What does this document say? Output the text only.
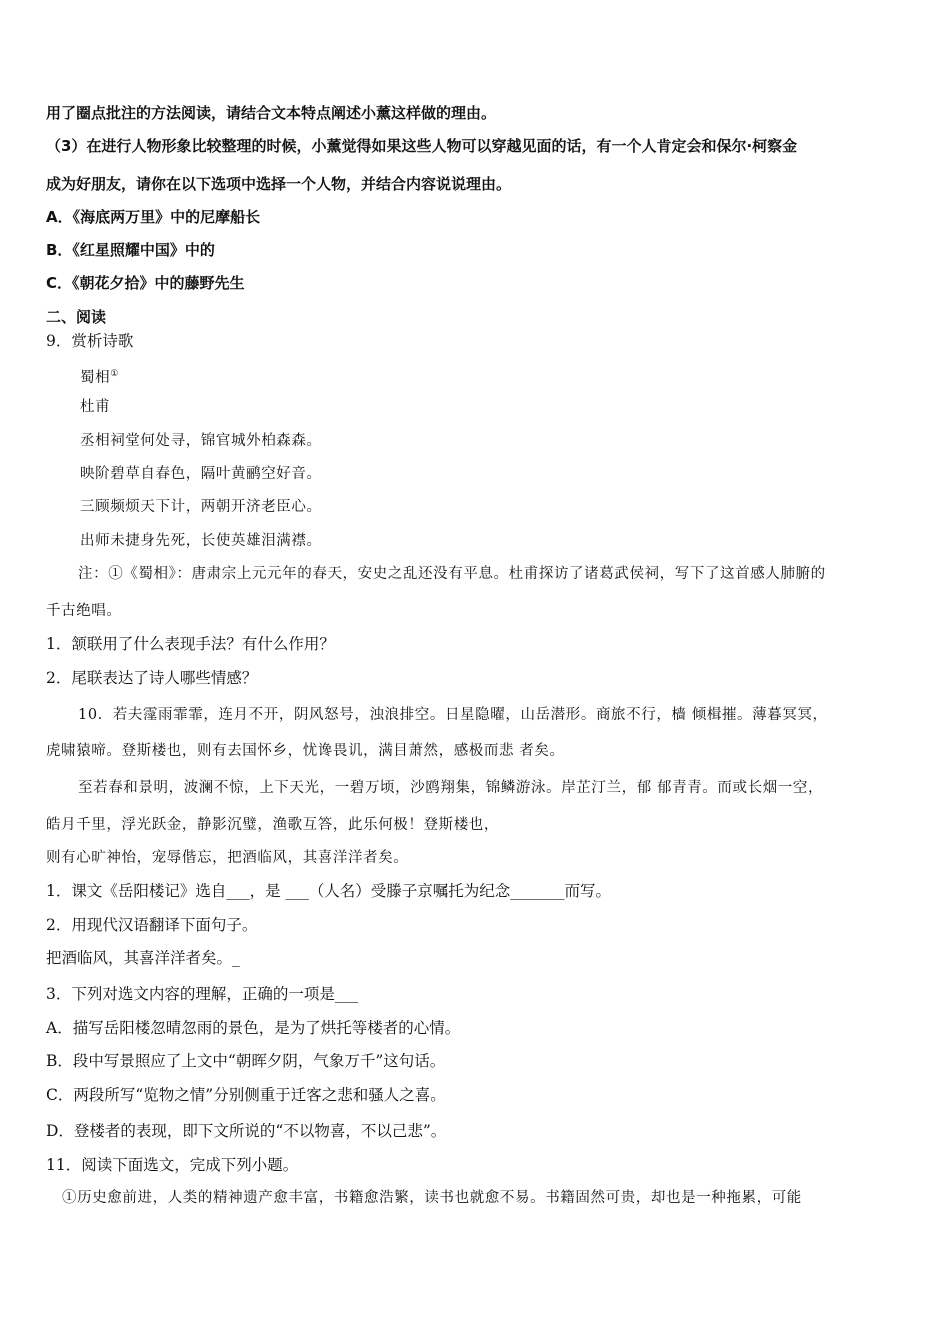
用了圈点批注的方法阅读，请结合文本特点阐述小薰这样做的理由。
（3）在进行人物形象比较整理的时候，小薰觉得如果这些人物可以穿越见面的话，有一个人肯定会和保尔·柯察金
成为好朋友，请你在以下选项中选择一个人物，并结合内容说说理由。
A．《海底两万里》中的尼摩船长
B．《红星照耀中国》中的
C．《朝花夕拾》中的藤野先生
二、阅读
9．赏析诗歌
蜀相①
杜甫
丞相祠堂何处寻，锦官城外柏森森。
映阶碧草自春色，隔叶黄鹂空好音。
三顾频烦天下计，两朝开济老臣心。
出师未捷身先死，长使英雄泪满襟。
注：①《蜀相》：唐肃宗上元元年的春天，安史之乱还没有平息。杜甫探访了诸葛武侯祠，写下了这首感人肺腑的
千古绝唱。
1．颔联用了什么表现手法？有什么作用？
2．尾联表达了诗人哪些情感？
10．若夫霪雨霏霏，连月不开，阴风怒号，浊浪排空。日星隐曜，山岳潜形。商旅不行，樯 倾楫摧。薄暮冥冥，
虎啸猿啼。登斯楼也，则有去国怀乡，忧谗畏讥，满目萧然，感极而悲 者矣。
至若春和景明，波澜不惊，上下天光，一碧万顷，沙鸥翔集，锦鳞游泳。岸芷汀兰，郁 郁青青。而或长烟一空，
皓月千里，浮光跃金，静影沉璧，渔歌互答，此乐何极！登斯楼也，
则有心旷神怡，宠辱偕忘，把酒临风，其喜洋洋者矣。
1．课文《岳阳楼记》选自___，是 ___（人名）受滕子京嘱托为纪念_______而写。
2．用现代汉语翻译下面句子。
把酒临风，其喜洋洋者矣。_
3．下列对选文内容的理解，正确的一项是___
A．描写岳阳楼忽晴忽雨的景色，是为了烘托等楼者的心情。
B．段中写景照应了上文中“朝晖夕阴，气象万千”这句话。
C．两段所写“览物之情”分别侧重于迁客之悲和骚人之喜。
D．登楼者的表现，即下文所说的“不以物喜，不以己悲”。
11．阅读下面选文，完成下列小题。
①历史愈前进，人类的精神遗产愈丰富，书籍愈浩繁，读书也就愈不易。书籍固然可贵，却也是一种拖累，可能
